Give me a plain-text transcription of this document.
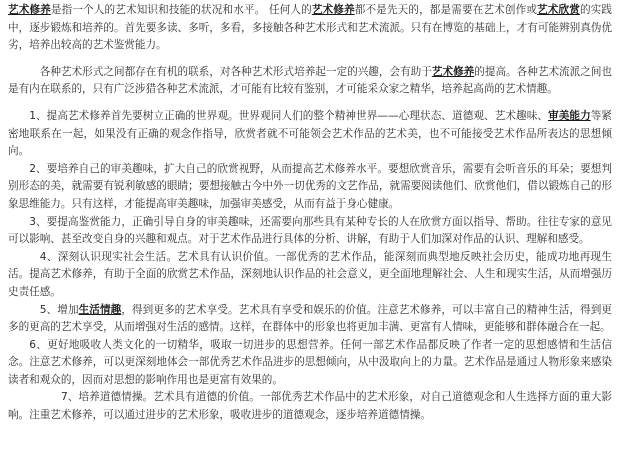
艺术修养是指一个人的艺术知识和技能的状况和水平。 任何人的艺术修养都不是先天的，都是需要在艺术创作或艺术欣赏的实践中，逐步锻炼和培养的。首先要多读、多听，多看，多接触各种艺术形式和艺术流派。只有在博览的基础上，才有可能辨别真伪优劣，培养出较高的艺术鉴赏能力。

各种艺术形式之间都存在有机的联系，对各种艺术形式培养起一定的兴趣，会有助于艺术修养的提高。各种艺术流派之间也是有内在联系的，只有广泛涉猎各种艺术流派，才可能有比较有鉴别，才可能采众家之精华，培养起高尚的艺术情趣。

1、提高艺术修养首先要树立正确的世界观。世界观同人们的整个精神世界——心理状态、道德观、艺术趣味、审美能力等紧密地联系在一起，如果没有正确的观念作指导，欣赏者就不可能领会艺术作品的艺术美，也不可能接受艺术作品所表达的思想倾向。

2、要培养自己的审美趣味，扩大自己的欣赏视野，从而提高艺术修养水平。要想欣赏音乐，需要有会听音乐的耳朵；要想判别形态的美，就需要有锐利敏感的眼睛；要想接触古今中外一切优秀的文艺作品，就需要阅读他们、欣赏他们，借以锻炼自己的形象思维能力。只有这样，才能提高审美趣味，加强审美感受，从而有益于身心健康。

3、要提高鉴赏能力，正确引导自身的审美趣味，还需要向那些具有某种专长的人在欣赏方面以指导、帮助。往往专家的意见可以影响、甚至改变自身的兴趣和观点。对于艺术作品进行具体的分析、讲解，有助于人们加深对作品的认识、理解和感受。

4、深刻认识现实社会生活。艺术具有认识价值。一部优秀的艺术作品，能深刻而典型地反映社会历史，能成功地再现生活。提高艺术修养，有助于全面的欣赏艺术作品，深刻地认识作品的社会意义，更全面地理解社会、人生和现实生活，从而增强历史责任感。

5、增加生活情趣，得到更多的艺术享受。艺术具有享受和娱乐的价值。注意艺术修养，可以丰富自己的精神生活，得到更多的更高的艺术享受，从而增强对生活的感情。这样，在群体中的形象也将更加丰满、更富有人情味，更能够和群体融合在一起。

6、更好地吸收人类文化的一切精华，吸取一切进步的思想营养。任何一部艺术作品都反映了作者一定的思想感情和生活信念。注意艺术修养，可以更深刻地体会一部优秀艺术作品进步的思想倾向，从中汲取向上的力量。艺术作品是通过人物形象来感染读者和观众的，因而对思想的影响作用也是更富有效果的。

7、培养道德情操。艺术具有道德的价值。一部优秀艺术作品中的艺术形象，对自己道德观念和人生选择方面的重大影响。注重艺术修养，可以通过进步的艺术形象，吸收进步的道德观念，逐步培养道德情操。
